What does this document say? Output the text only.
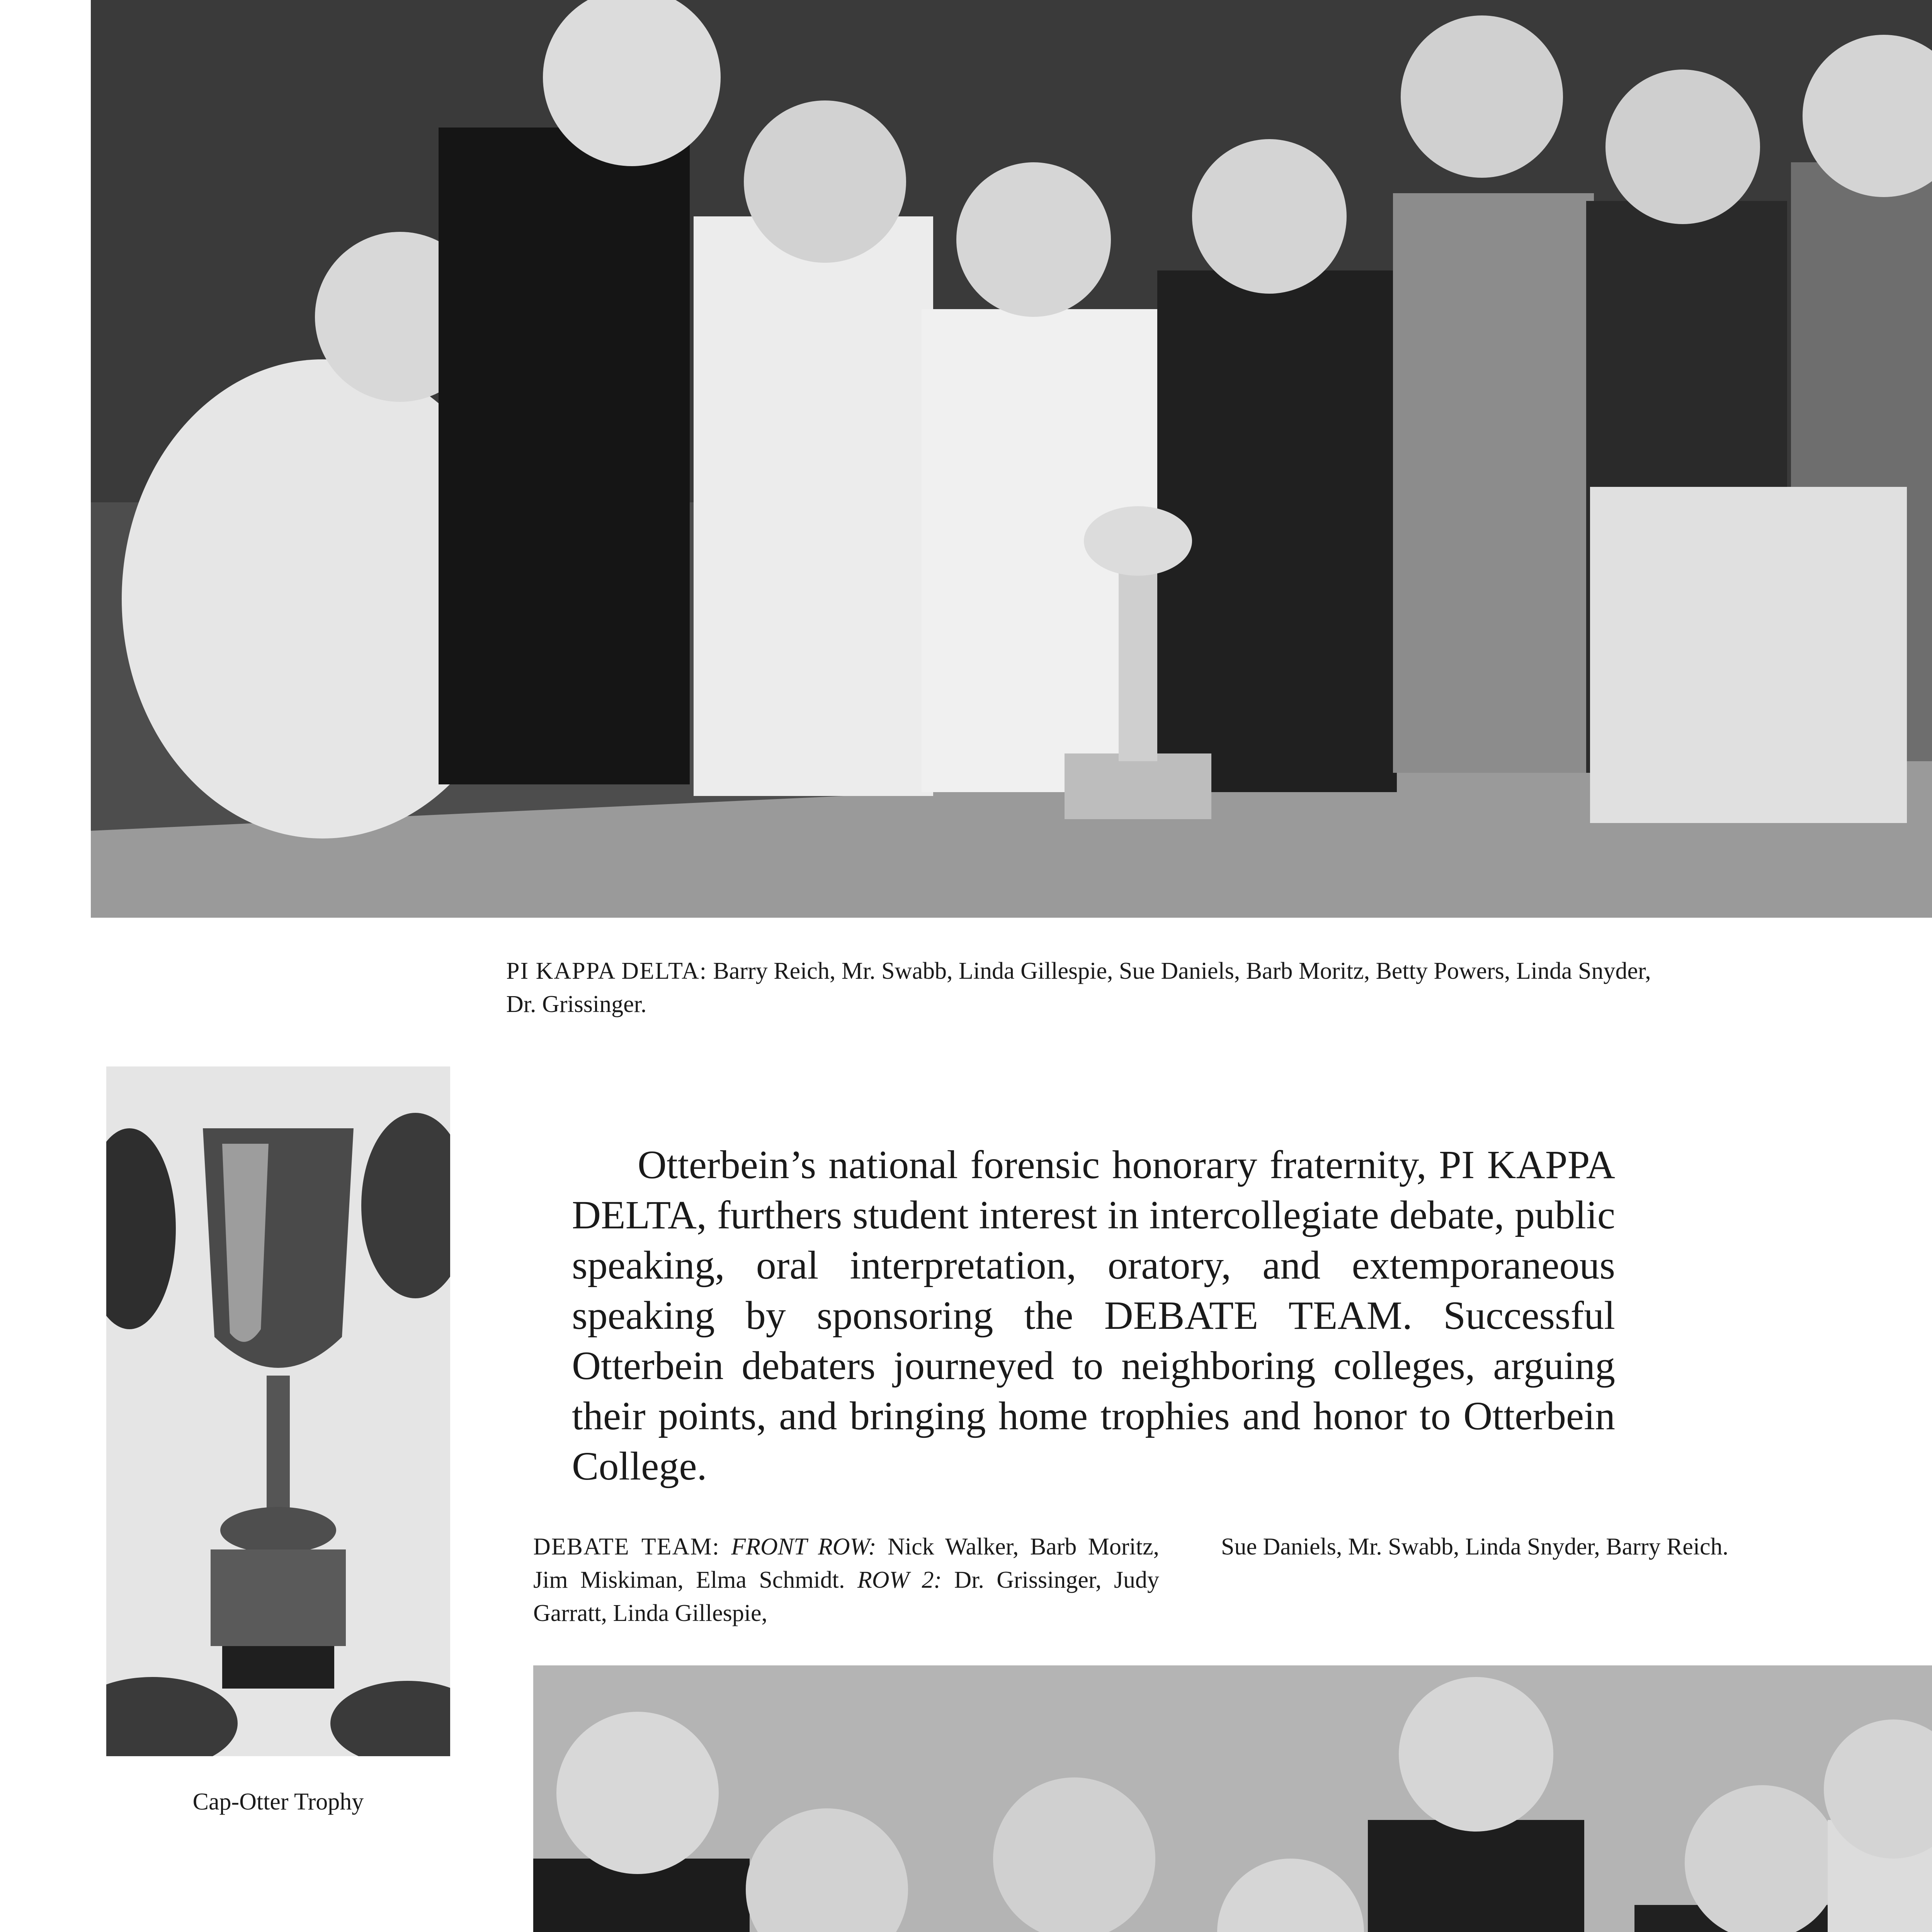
PI KAPPA DELTA: Barry Reich, Mr. Swabb, Linda Gillespie, Sue Daniels, Barb Moritz, Betty Powers, Linda Snyder, Dr. Grissinger.

Cap-Otter Trophy

Otterbein’s national forensic honorary fraternity, PI KAPPA DELTA, furthers student interest in intercollegiate debate, public speaking, oral interpretation, oratory, and extemporaneous speaking by sponsoring the DEBATE TEAM. Successful Otterbein debaters journeyed to neighboring colleges, arguing their points, and bringing home trophies and honor to Otterbein College.

DEBATE TEAM: FRONT ROW: Nick Walker, Barb Moritz, Jim Miskiman, Elma Schmidt. ROW 2: Dr. Grissinger, Judy Garratt, Linda Gillespie,

Sue Daniels, Mr. Swabb, Linda Snyder, Barry Reich.
